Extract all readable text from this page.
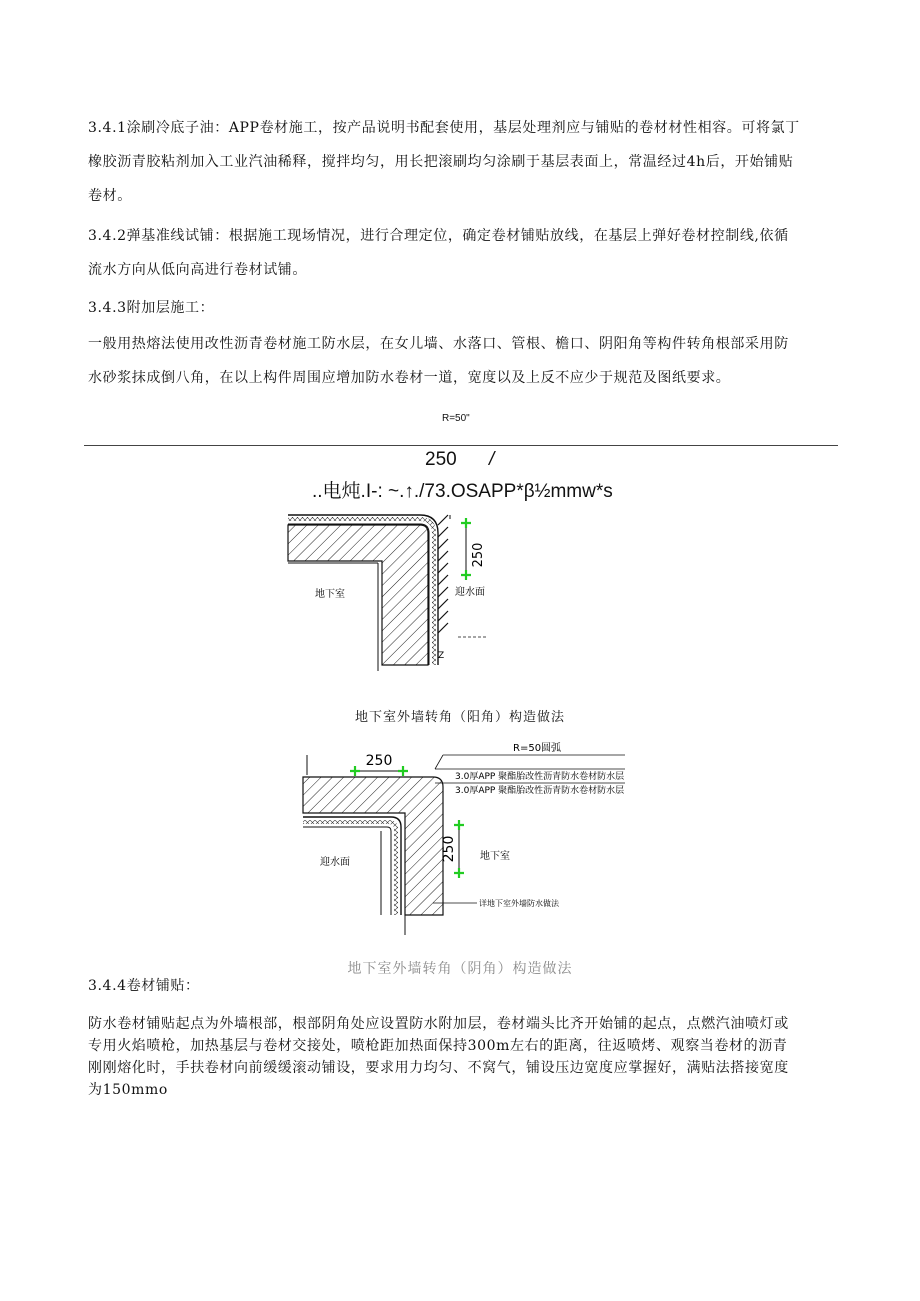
3.4.1涂刷冷底子油：APP卷材施工，按产品说明书配套使用，基层处理剂应与铺贴的卷材材性相容。可将氯丁
橡胶沥青胶粘剂加入工业汽油稀释，搅拌均匀，用长把滚刷均匀涂刷于基层表面上，常温经过4h后，开始铺贴
卷材。
3.4.2弹基准线试铺：根据施工现场情况，进行合理定位，确定卷材铺贴放线，在基层上弹好卷材控制线,依循
流水方向从低向高进行卷材试铺。
3.4.3附加层施工：
一般用热熔法使用改性沥青卷材施工防水层，在女儿墙、水落口、管根、檐口、阴阳角等构件转角根部采用防
水砂浆抹成倒八角，在以上构件周围应增加防水卷材一道，宽度以及上反不应少于规范及图纸要求。
R=50"
250 /
..电炖.I-: ~.↑./73.OSAPP*β½mmw*s
250
地下室	迎水面
Z
地下室外墙转角（阳角）构造做法
250
250
R=50圆弧
3.0厚APP 聚酯胎改性沥青防水卷材防水层
3.0厚APP 聚酯胎改性沥青防水卷材防水层
迎水面
地下室
详地下室外墙防水做法
地下室外墙转角（阴角）构造做法
3.4.4卷材铺贴：
防水卷材铺贴起点为外墙根部，根部阴角处应设置防水附加层，卷材端头比齐开始铺的起点，点燃汽油喷灯或
专用火焰喷枪，加热基层与卷材交接处，喷枪距加热面保持300m左右的距离，往返喷烤、观察当卷材的沥青
刚刚熔化时，手扶卷材向前缓缓滚动铺设，要求用力均匀、不窝气，铺设压边宽度应掌握好，满贴法搭接宽度
为150mmo
